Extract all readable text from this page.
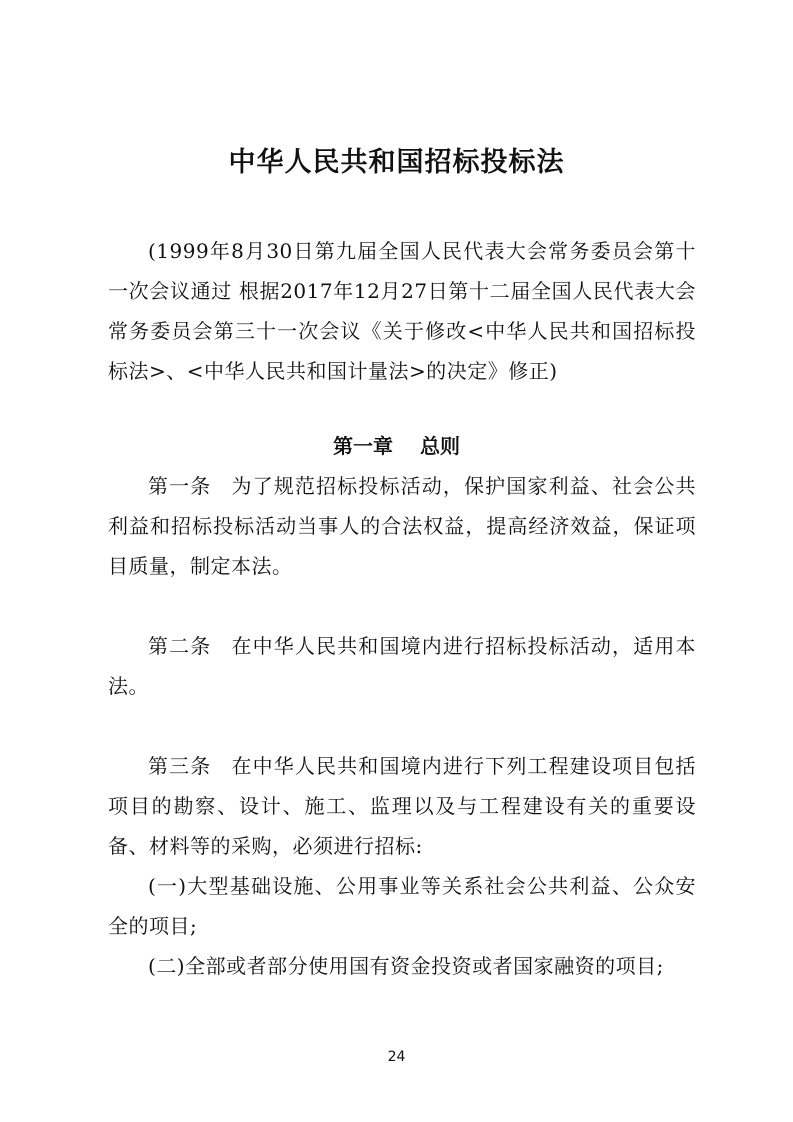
中华人民共和国招标投标法

(1999年8月30日第九届全国人民代表大会常务委员会第十一次会议通过 根据2017年12月27日第十二届全国人民代表大会常务委员会第三十一次会议《关于修改<中华人民共和国招标投标法>、<中华人民共和国计量法>的决定》修正)

第一章　 总则

第一条 为了规范招标投标活动，保护国家利益、社会公共利益和招标投标活动当事人的合法权益，提高经济效益，保证项目质量，制定本法。

第二条 在中华人民共和国境内进行招标投标活动，适用本法。

第三条 在中华人民共和国境内进行下列工程建设项目包括项目的勘察、设计、施工、监理以及与工程建设有关的重要设备、材料等的采购，必须进行招标:

(一)大型基础设施、公用事业等关系社会公共利益、公众安全的项目;

(二)全部或者部分使用国有资金投资或者国家融资的项目;

24
